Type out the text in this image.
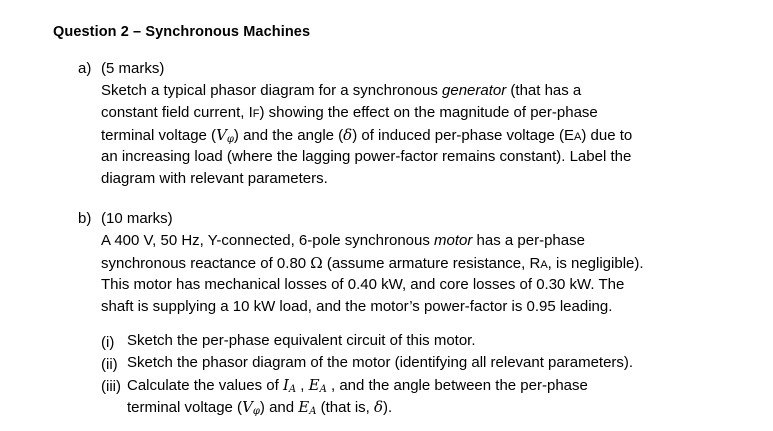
Question 2 – Synchronous Machines
a) (5 marks)
Sketch a typical phasor diagram for a synchronous generator (that has a
constant field current, IF) showing the effect on the magnitude of per-phase
terminal voltage $(V_\varphi)$ and the angle (δ) of induced per-phase voltage (EA) due to
an increasing load (where the lagging power-factor remains constant). Label the
diagram with relevant parameters.
b) (10 marks)
A 400 V, 50 Hz, Y-connected, 6-pole synchronous motor has a per-phase
synchronous reactance of 0.80 Ω (assume armature resistance, RA, is negligible).
This motor has mechanical losses of 0.40 kW, and core losses of 0.30 kW. The
shaft is supplying a 10 kW load, and the motor’s power-factor is 0.95 leading.
(i) Sketch the per-phase equivalent circuit of this motor.
(ii) Sketch the phasor diagram of the motor (identifying all relevant parameters).
(iii) Calculate the values of $I_A$ , $E_A$ , and the angle between the per-phase
terminal voltage $(V_\varphi)$ and $E_A$ (that is, δ).
